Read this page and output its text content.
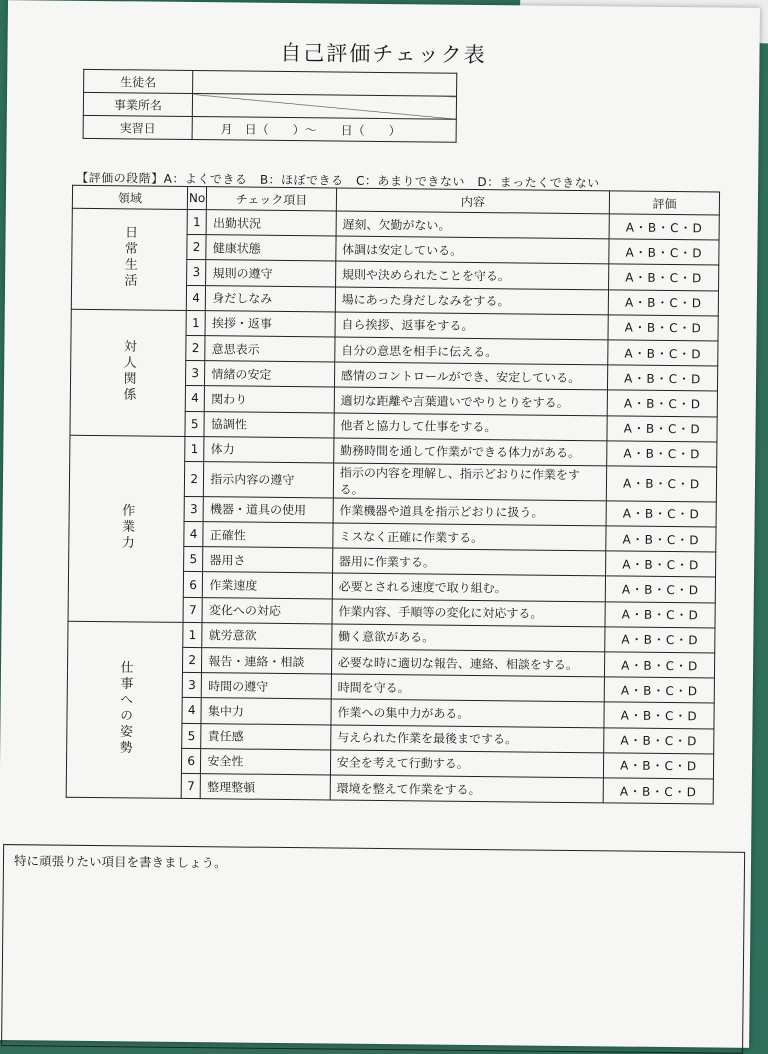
自己評価チェック表
生徒名	
事業所名	
実習日	月　日（　　）～　　日（　　）
【評価の段階】A：よくできる　B：ほぼできる　C：あまりできない　D：まったくできない
領域	No	チェック項目	内容	評価
日常生活	1	出勤状況	遅刻、欠勤がない。	A・B・C・D
	2	健康状態	体調は安定している。	A・B・C・D
	3	規則の遵守	規則や決められたことを守る。	A・B・C・D
	4	身だしなみ	場にあった身だしなみをする。	A・B・C・D
対人関係	1	挨拶・返事	自ら挨拶、返事をする。	A・B・C・D
	2	意思表示	自分の意思を相手に伝える。	A・B・C・D
	3	情緒の安定	感情のコントロールができ、安定している。	A・B・C・D
	4	関わり	適切な距離や言葉遣いでやりとりをする。	A・B・C・D
	5	協調性	他者と協力して仕事をする。	A・B・C・D
作業力	1	体力	勤務時間を通して作業ができる体力がある。	A・B・C・D
	2	指示内容の遵守	指示の内容を理解し、指示どおりに作業をする。	A・B・C・D
	3	機器・道具の使用	作業機器や道具を指示どおりに扱う。	A・B・C・D
	4	正確性	ミスなく正確に作業する。	A・B・C・D
	5	器用さ	器用に作業する。	A・B・C・D
	6	作業速度	必要とされる速度で取り組む。	A・B・C・D
	7	変化への対応	作業内容、手順等の変化に対応する。	A・B・C・D
仕事への姿勢	1	就労意欲	働く意欲がある。	A・B・C・D
	2	報告・連絡・相談	必要な時に適切な報告、連絡、相談をする。	A・B・C・D
	3	時間の遵守	時間を守る。	A・B・C・D
	4	集中力	作業への集中力がある。	A・B・C・D
	5	責任感	与えられた作業を最後までする。	A・B・C・D
	6	安全性	安全を考えて行動する。	A・B・C・D
	7	整理整頓	環境を整えて作業をする。	A・B・C・D
特に頑張りたい項目を書きましょう。
